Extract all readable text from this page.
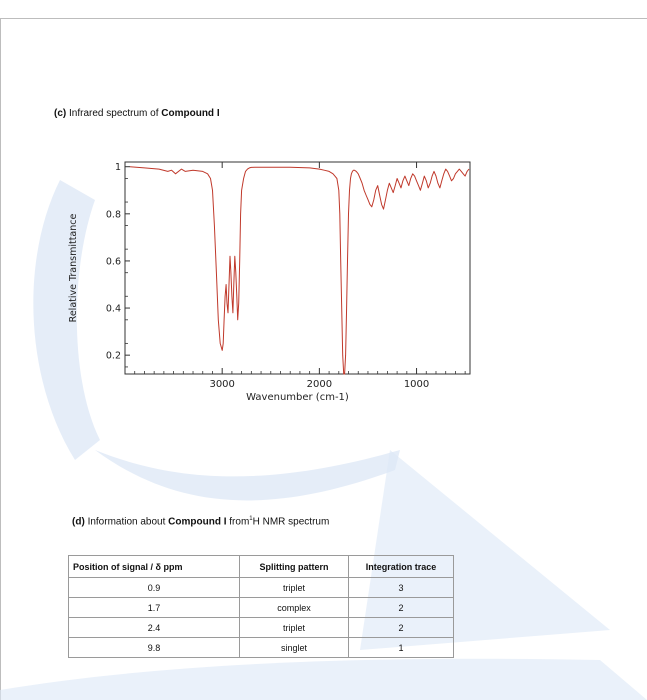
(c) Infrared spectrum of Compound I
0.2
0.4
0.6
0.8
1
3000	2000	1000
Wavenumber (cm-1)
Relative Transmittance
(d) Information about Compound I from$^1$H NMR spectrum
Position of signal / δ ppm	Splitting pattern	Integration trace
0.9	triplet	3
1.7	complex	2
2.4	triplet	2
9.8	singlet	1
